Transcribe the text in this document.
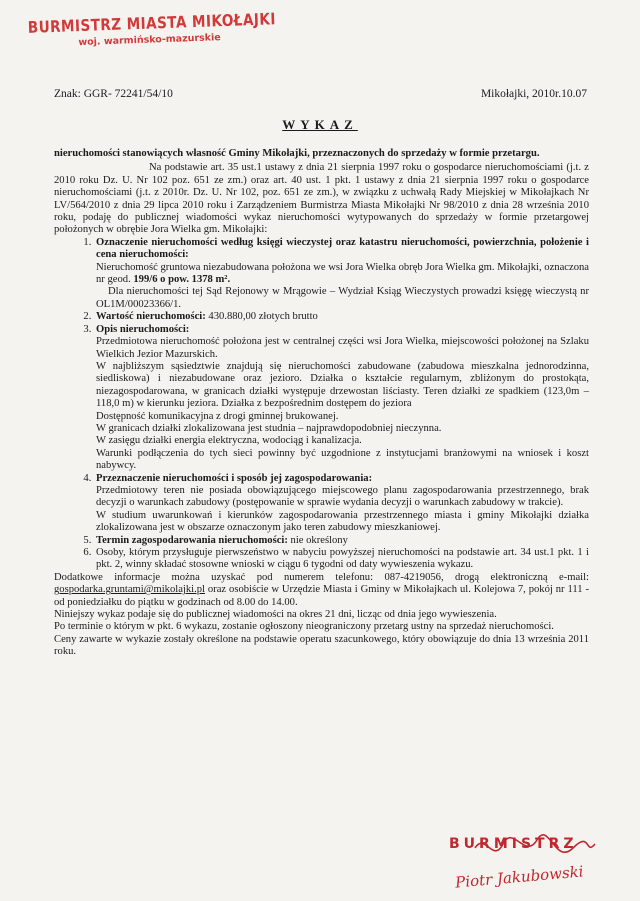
BURMISTRZ MIASTA MIKOŁAJKI
woj. warmińsko-mazurskie
Znak: GGR- 72241/54/10	Mikołajki, 2010r.10.07
WYKAZ

nieruchomości stanowiących własność Gminy Mikołajki, przeznaczonych do sprzedaży w formie przetargu.

Na podstawie art. 35 ust.1 ustawy z dnia 21 sierpnia 1997 roku o gospodarce nieruchomościami (j.t. z 2010 roku Dz. U. Nr 102 poz. 651 ze zm.) oraz art. 40 ust. 1 pkt. 1 ustawy z dnia 21 sierpnia 1997 roku o gospodarce nieruchomościami (j.t. z 2010r. Dz. U. Nr 102, poz. 651 ze zm.), w związku z uchwałą Rady Miejskiej w Mikołajkach Nr LV/564/2010 z dnia 29 lipca 2010 roku i Zarządzeniem Burmistrza Miasta Mikołajki Nr 98/2010 z dnia 28 września 2010 roku, podaję do publicznej wiadomości wykaz nieruchomości wytypowanych do sprzedaży w formie przetargowej położonych w obrębie Jora Wielka gm. Mikołajki:

1. Oznaczenie nieruchomości według księgi wieczystej oraz katastru nieruchomości, powierzchnia, położenie i cena nieruchomości:

Nieruchomość gruntowa niezabudowana położona we wsi Jora Wielka obręb Jora Wielka gm. Mikołajki, oznaczona nr geod. 199/6 o pow. 1378 m².

Dla nieruchomości tej Sąd Rejonowy w Mrągowie – Wydział Ksiąg Wieczystych prowadzi księgę wieczystą nr OL1M/00023366/1.

2. Wartość nieruchomości: 430.880,00 złotych brutto
3. Opis nieruchomości:

Przedmiotowa nieruchomość położona jest w centralnej części wsi Jora Wielka, miejscowości położonej na Szlaku Wielkich Jezior Mazurskich.

W najbliższym sąsiedztwie znajdują się nieruchomości zabudowane (zabudowa mieszkalna jednorodzinna, siedliskowa) i niezabudowane oraz jezioro. Działka o kształcie regularnym, zbliżonym do prostokąta, niezagospodarowana, w granicach działki występuje drzewostan liściasty. Teren działki ze spadkiem (123,0m – 118,0 m) w kierunku jeziora. Działka z bezpośrednim dostępem do jeziora

Dostępność komunikacyjna z drogi gminnej brukowanej.

W granicach działki zlokalizowana jest studnia – najprawdopodobniej nieczynna.

W zasięgu działki energia elektryczna, wodociąg i kanalizacja.

Warunki podłączenia do tych sieci powinny być uzgodnione z instytucjami branżowymi na wniosek i koszt nabywcy.

4. Przeznaczenie nieruchomości i sposób jej zagospodarowania:

Przedmiotowy teren nie posiada obowiązującego miejscowego planu zagospodarowania przestrzennego, brak decyzji o warunkach zabudowy (postępowanie w sprawie wydania decyzji o warunkach zabudowy w trakcie).

W studium uwarunkowań i kierunków zagospodarowania przestrzennego miasta i gminy Mikołajki działka zlokalizowana jest w obszarze oznaczonym jako teren zabudowy mieszkaniowej.

5. Termin zagospodarowania nieruchomości: nie określony
6. Osoby, którym przysługuje pierwszeństwo w nabyciu powyższej nieruchomości na podstawie art. 34 ust.1 pkt. 1 i pkt. 2, winny składać stosowne wnioski w ciągu 6 tygodni od daty wywieszenia wykazu.

Dodatkowe informacje można uzyskać pod numerem telefonu: 087-4219056, drogą elektroniczną e-mail: gospodarka.gruntami@mikolajki.pl oraz osobiście w Urzędzie Miasta i Gminy w Mikołajkach ul. Kolejowa 7, pokój nr 111 - od poniedziałku do piątku w godzinach od 8.00 do 14.00.

Niniejszy wykaz podaje się do publicznej wiadomości na okres 21 dni, licząc od dnia jego wywieszenia.

Po terminie o którym w pkt. 6 wykazu, zostanie ogłoszony nieograniczony przetarg ustny na sprzedaż nieruchomości.

Ceny zawarte w wykazie zostały określone na podstawie operatu szacunkowego, który obowiązuje do dnia 13 września 2011 roku.

BURMISTRZ
Piotr Jakubowski
